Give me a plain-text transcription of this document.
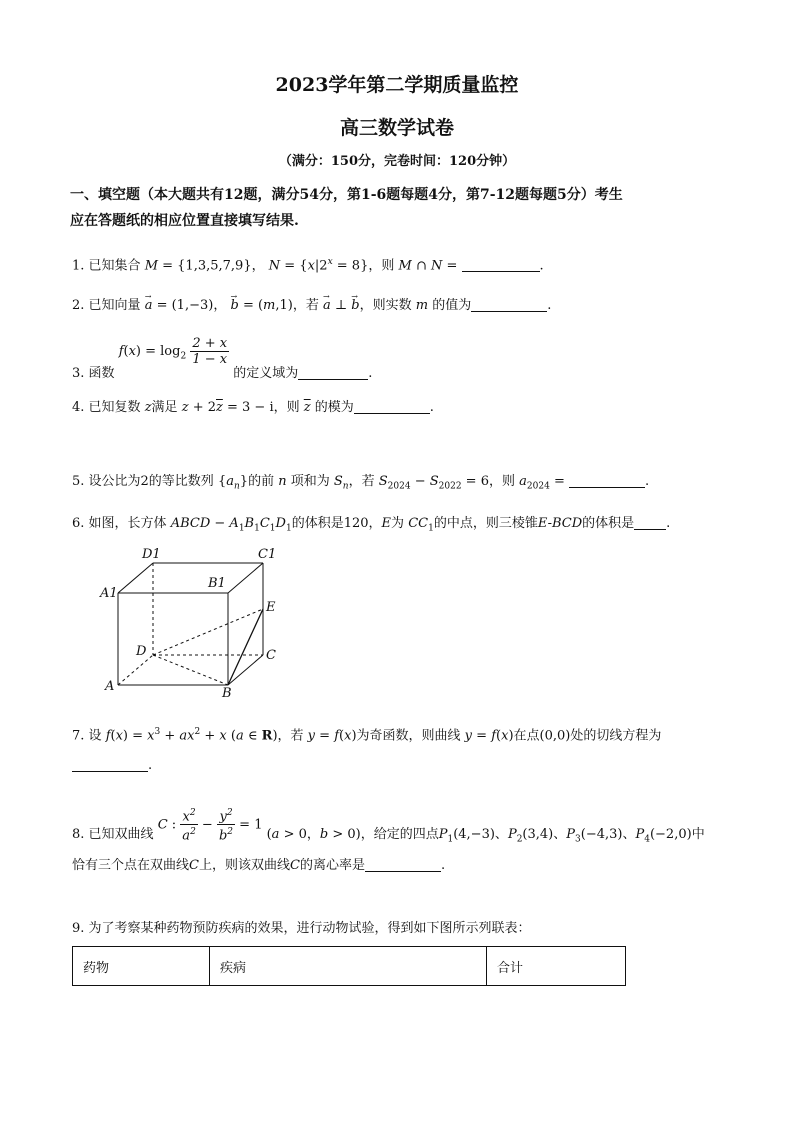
2023学年第二学期质量监控
高三数学试卷
（满分：150分，完卷时间：120分钟）
一、填空题（本大题共有12题，满分54分，第1-6题每题4分，第7-12题每题5分）考生
应在答题纸的相应位置直接填写结果.
1. 已知集合 M = {1,3,5,7,9}， $N = \{x|2^x = 8\}$，则 M ∩ N =	.
2. 已知向量 → a = (1,−3)， → b = (m,1)，若 → a ⊥ → b，则实数 m 的值为	.
3. 函数 $f(x) = \log_2 \frac{2 + x}{1 - x}$
的定义域为	.
4. 已知复数 z满足 $z + 2\overline{z} = 3 - i$，则 $\overline{z}$ 的模为	.
5. 设公比为2的等比数列 $\{a_n\}$的前 n 项和为 $S_n$，若 $S_{2024} - S_{2022} = 6$，则 $a_{2024}$ =	.
6. 如图，长方体 ABCD − $A_1B_1C_1D_1$的体积是120，E为 $CC_1$的中点，则三棱锥E-BCD的体积是 .
D1	C1
B1
A1
E
D	C
A	B
7. 设 $f(x) = x^3 + ax^2 + x$ (a ∈ R)，若 y = f(x)为奇函数，则曲线 y = f(x)在点(0,0)处的切线方程为
.
8. 已知双曲线 C : $\frac{x^2}{a^2} - \frac{y^2}{b^2} = 1$ (a > 0，b > 0)，给定的四点$P_1(4,-3)$、$P_2(3,4)$、$P_3(-4,3)$、$P_4(-2,0)$中
恰有三个点在双曲线C上，则该双曲线C的离心率是	.
9. 为了考察某种药物预防疾病的效果，进行动物试验，得到如下图所示列联表：
药物	疾病	合计
